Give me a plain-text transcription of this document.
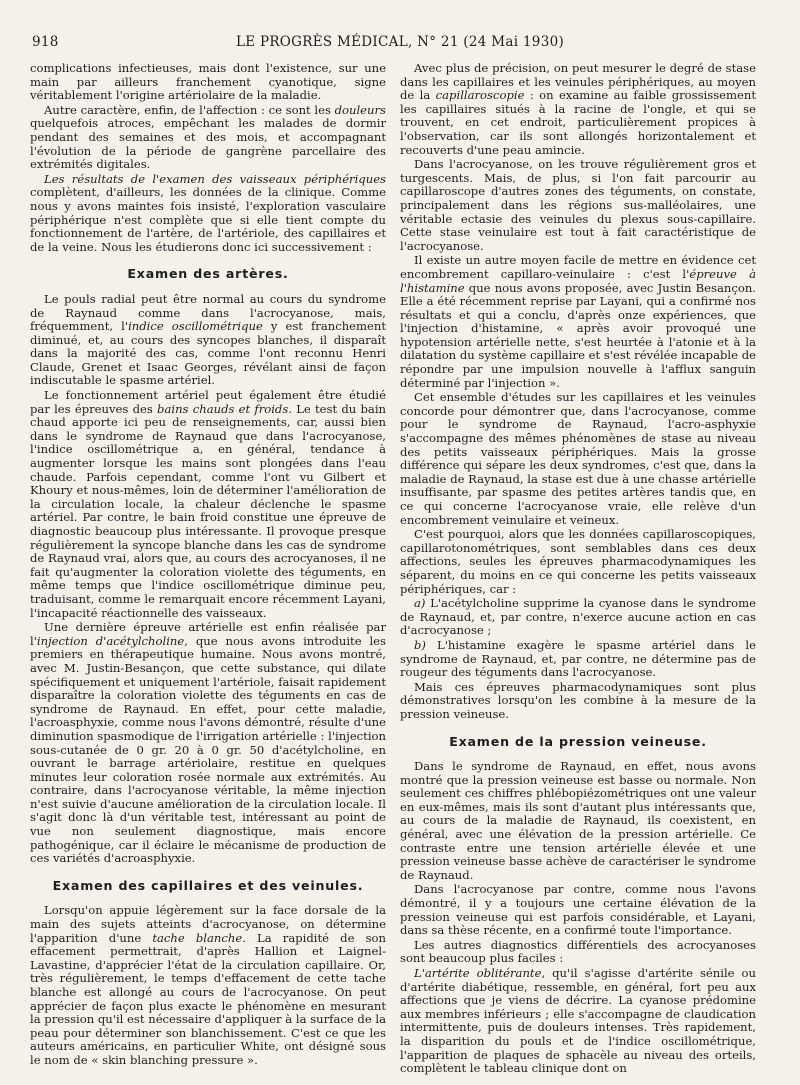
918	LE PROGRÈS MÉDICAL, N° 21 (24 Mai 1930)

complications infectieuses, mais dont l'existence, sur une main par ailleurs franchement cyanotique, signe véritablement l'origine artériolaire de la maladie.

Autre caractère, enfin, de l'affection : ce sont les douleurs quelquefois atroces, empêchant les malades de dormir pendant des semaines et des mois, et accompagnant l'évolution de la période de gangrène parcellaire des extrémités digitales.

Les résultats de l'examen des vaisseaux périphériques complètent, d'ailleurs, les données de la clinique. Comme nous y avons maintes fois insisté, l'exploration vasculaire périphérique n'est complète que si elle tient compte du fonctionnement de l'artère, de l'artériole, des capillaires et de la veine. Nous les étudierons donc ici successivement :

Examen des artères.

Le pouls radial peut être normal au cours du syndrome de Raynaud comme dans l'acrocyanose, mais, fréquemment, l'indice oscillométrique y est franchement diminué, et, au cours des syncopes blanches, il disparaît dans la majorité des cas, comme l'ont reconnu Henri Claude, Grenet et Isaac Georges, révélant ainsi de façon indiscutable le spasme artériel.

Le fonctionnement artériel peut également être étudié par les épreuves des bains chauds et froids. Le test du bain chaud apporte ici peu de renseignements, car, aussi bien dans le syndrome de Raynaud que dans l'acrocyanose, l'indice oscillométrique a, en général, tendance à augmenter lorsque les mains sont plongées dans l'eau chaude. Parfois cependant, comme l'ont vu Gilbert et Khoury et nous-mêmes, loin de déterminer l'amélioration de la circulation locale, la chaleur déclenche le spasme artériel. Par contre, le bain froid constitue une épreuve de diagnostic beaucoup plus intéressante. Il provoque presque régulièrement la syncope blanche dans les cas de syndrome de Raynaud vrai, alors que, au cours des acrocyanoses, il ne fait qu'augmenter la coloration violette des téguments, en même temps que l'indice oscillométrique diminue peu, traduisant, comme le remarquait encore récemment Layani, l'incapacité réactionnelle des vaisseaux.

Une dernière épreuve artérielle est enfin réalisée par l'injection d'acétylcholine, que nous avons introduite les premiers en thérapeutique humaine. Nous avons montré, avec M. Justin-Besançon, que cette substance, qui dilate spécifiquement et uniquement l'artériole, faisait rapidement disparaître la coloration violette des téguments en cas de syndrome de Raynaud. En effet, pour cette maladie, l'acroasphyxie, comme nous l'avons démontré, résulte d'une diminution spasmodique de l'irrigation artérielle : l'injection sous-cutanée de 0 gr. 20 à 0 gr. 50 d'acétylcholine, en ouvrant le barrage artériolaire, restitue en quelques minutes leur coloration rosée normale aux extrémités. Au contraire, dans l'acrocyanose véritable, la même injection n'est suivie d'aucune amélioration de la circulation locale. Il s'agit donc là d'un véritable test, intéressant au point de vue non seulement diagnostique, mais encore pathogénique, car il éclaire le mécanisme de production de ces variétés d'acroasphyxie.

Examen des capillaires et des veinules.

Lorsqu'on appuie légèrement sur la face dorsale de la main des sujets atteints d'acrocyanose, on détermine l'apparition d'une tache blanche. La rapidité de son effacement permettrait, d'après Hallion et Laignel-Lavastine, d'apprécier l'état de la circulation capillaire. Or, très régulièrement, le temps d'effacement de cette tache blanche est allongé au cours de l'acrocyanose. On peut apprécier de façon plus exacte le phénomène en mesurant la pression qu'il est nécessaire d'appliquer à la surface de la peau pour déterminer son blanchissement. C'est ce que les auteurs américains, en particulier White, ont désigné sous le nom de « skin blanching pressure ».

Avec plus de précision, on peut mesurer le degré de stase dans les capillaires et les veinules périphériques, au moyen de la capillaroscopie : on examine au faible grossissement les capillaires situés à la racine de l'ongle, et qui se trouvent, en cet endroit, particulièrement propices à l'observation, car ils sont allongés horizontalement et recouverts d'une peau amincie.

Dans l'acrocyanose, on les trouve régulièrement gros et turgescents. Mais, de plus, si l'on fait parcourir au capillaroscope d'autres zones des téguments, on constate, principalement dans les régions sus-malléolaires, une véritable ectasie des veinules du plexus sous-capillaire. Cette stase veinulaire est tout à fait caractéristique de l'acrocyanose.

Il existe un autre moyen facile de mettre en évidence cet encombrement capillaro-veinulaire : c'est l'épreuve à l'histamine que nous avons proposée, avec Justin Besançon. Elle a été récemment reprise par Layani, qui a confirmé nos résultats et qui a conclu, d'après onze expériences, que l'injection d'histamine, « après avoir provoqué une hypotension artérielle nette, s'est heurtée à l'atonie et à la dilatation du système capillaire et s'est révélée incapable de répondre par une impulsion nouvelle à l'afflux sanguin déterminé par l'injection ».

Cet ensemble d'études sur les capillaires et les veinules concorde pour démontrer que, dans l'acrocyanose, comme pour le syndrome de Raynaud, l'acro-asphyxie s'accompagne des mêmes phénomènes de stase au niveau des petits vaisseaux périphériques. Mais la grosse différence qui sépare les deux syndromes, c'est que, dans la maladie de Raynaud, la stase est due à une chasse artérielle insuffisante, par spasme des petites artères tandis que, en ce qui concerne l'acrocyanose vraie, elle relève d'un encombrement veinulaire et veineux.

C'est pourquoi, alors que les données capillaroscopiques, capillarotonométriques, sont semblables dans ces deux affections, seules les épreuves pharmacodynamiques les séparent, du moins en ce qui concerne les petits vaisseaux périphériques, car :

a) L'acétylcholine supprime la cyanose dans le syndrome de Raynaud, et, par contre, n'exerce aucune action en cas d'acrocyanose ;

b) L'histamine exagère le spasme artériel dans le syndrome de Raynaud, et, par contre, ne détermine pas de rougeur des téguments dans l'acrocyanose.

Mais ces épreuves pharmacodynamiques sont plus démonstratives lorsqu'on les combine à la mesure de la pression veineuse.

Examen de la pression veineuse.

Dans le syndrome de Raynaud, en effet, nous avons montré que la pression veineuse est basse ou normale. Non seulement ces chiffres phlébopiézométriques ont une valeur en eux-mêmes, mais ils sont d'autant plus intéressants que, au cours de la maladie de Raynaud, ils coexistent, en général, avec une élévation de la pression artérielle. Ce contraste entre une tension artérielle élevée et une pression veineuse basse achève de caractériser le syndrome de Raynaud.

Dans l'acrocyanose par contre, comme nous l'avons démontré, il y a toujours une certaine élévation de la pression veineuse qui est parfois considérable, et Layani, dans sa thèse récente, en a confirmé toute l'importance.

Les autres diagnostics différentiels des acrocyanoses sont beaucoup plus faciles :

L'artérite oblitérante, qu'il s'agisse d'artérite sénile ou d'artérite diabétique, ressemble, en général, fort peu aux affections que je viens de décrire. La cyanose prédomine aux membres inférieurs ; elle s'accompagne de claudication intermittente, puis de douleurs intenses. Très rapidement, la disparition du pouls et de l'indice oscillométrique, l'apparition de plaques de sphacèle au niveau des orteils, complètent le tableau clinique dont on
